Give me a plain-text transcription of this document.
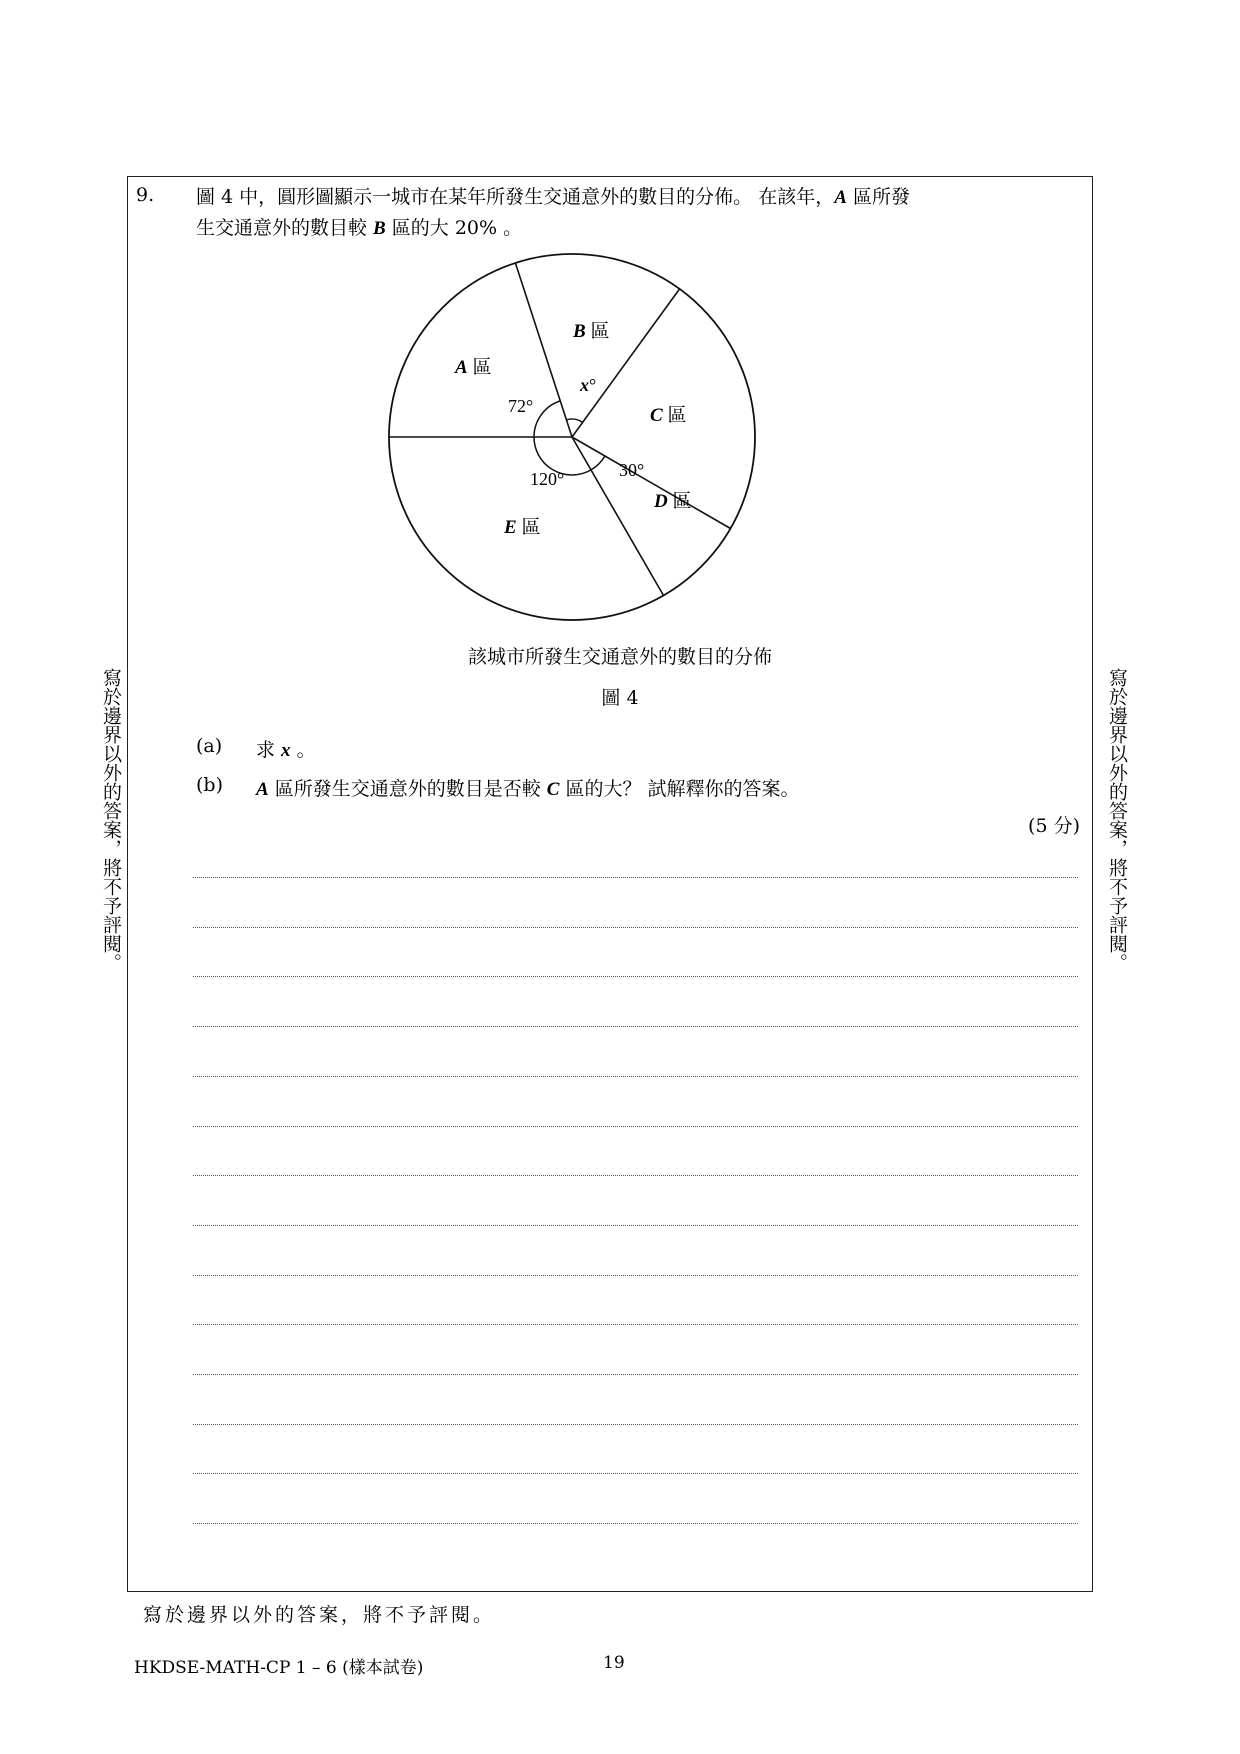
9. 圖 4 中，圓形圖顯示一城市在某年所發生交通意外的數目的分佈。 在該年，A 區所發
生交通意外的數目較 B 區的大 20% 。
A 區
B 區
C 區
D 區
E 區
72°
x°
30°
120°
該城市所發生交通意外的數目的分佈
圖 4
(a) 求 x 。
(b) A 區所發生交通意外的數目是否較 C 區的大？ 試解釋你的答案。
(5 分)
寫於邊界以外的答案，將不予評閱。	寫於邊界以外的答案，將不予評閱。
寫於邊界以外的答案，將不予評閱。
HKDSE-MATH-CP 1 – 6 (樣本試卷)	19
